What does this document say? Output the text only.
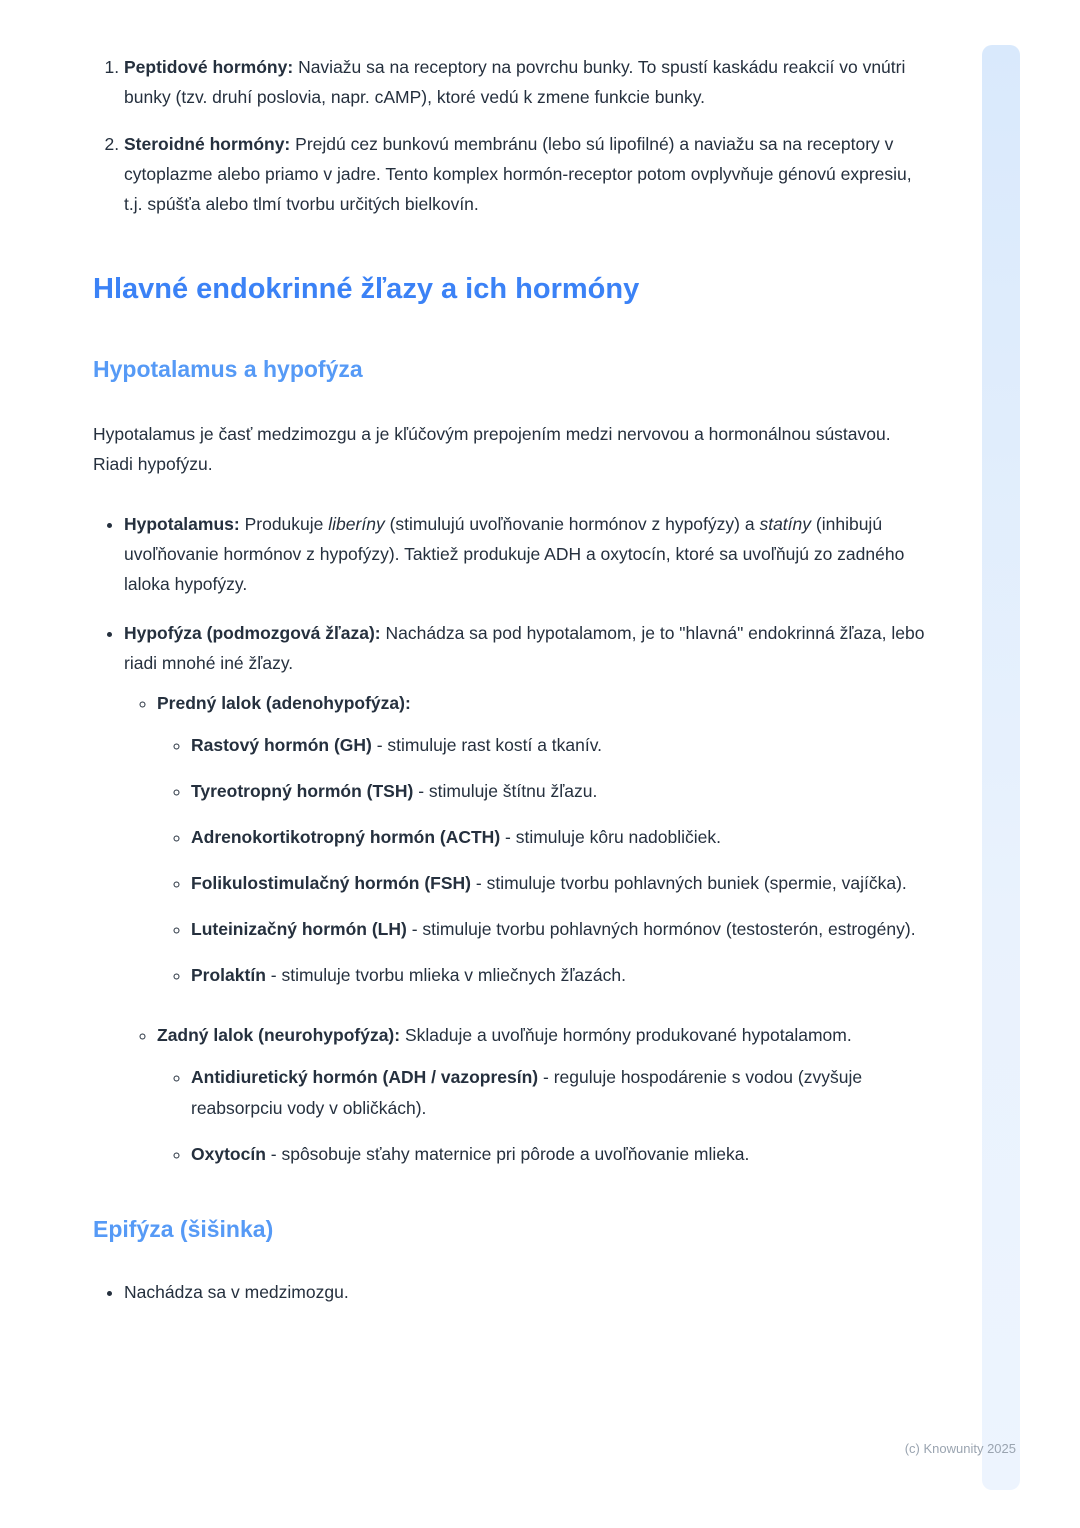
1. Peptidové hormóny: Naviažu sa na receptory na povrchu bunky. To spustí kaskádu reakcií vo vnútri bunky (tzv. druhí poslovia, napr. cAMP), ktoré vedú k zmene funkcie bunky.
2. Steroidné hormóny: Prejdú cez bunkovú membránu (lebo sú lipofilné) a naviažu sa na receptory v cytoplazme alebo priamo v jadre. Tento komplex hormón-receptor potom ovplyvňuje génovú expresiu, t.j. spúšťa alebo tlmí tvorbu určitých bielkovín.
Hlavné endokrinné žľazy a ich hormóny
Hypotalamus a hypofýza

Hypotalamus je časť medzimozgu a je kľúčovým prepojením medzi nervovou a hormonálnou sústavou. Riadi hypofýzu.

• Hypotalamus: Produkuje liberíny (stimulujú uvoľňovanie hormónov z hypofýzy) a statíny (inhibujú uvoľňovanie hormónov z hypofýzy). Taktiež produkuje ADH a oxytocín, ktoré sa uvoľňujú zo zadného laloka hypofýzy.
• Hypofýza (podmozgová žľaza): Nachádza sa pod hypotalamom, je to "hlavná" endokrinná žľaza, lebo riadi mnohé iné žľazy.
◦ Predný lalok (adenohypofýza):
◦ Rastový hormón (GH) - stimuluje rast kostí a tkanív.
◦ Tyreotropný hormón (TSH) - stimuluje štítnu žľazu.
◦ Adrenokortikotropný hormón (ACTH) - stimuluje kôru nadobličiek.
◦ Folikulostimulačný hormón (FSH) - stimuluje tvorbu pohlavných buniek (spermie, vajíčka).
◦ Luteinizačný hormón (LH) - stimuluje tvorbu pohlavných hormónov (testosterón, estrogény).
◦ Prolaktín - stimuluje tvorbu mlieka v mliečnych žľazách.
◦ Zadný lalok (neurohypofýza): Skladuje a uvoľňuje hormóny produkované hypotalamom.
◦ Antidiuretický hormón (ADH / vazopresín) - reguluje hospodárenie s vodou (zvyšuje reabsorpciu vody v obličkách).
◦ Oxytocín - spôsobuje sťahy maternice pri pôrode a uvoľňovanie mlieka.
Epifýza (šišinka)
• Nachádza sa v medzimozgu.
(c) Knowunity 2025
